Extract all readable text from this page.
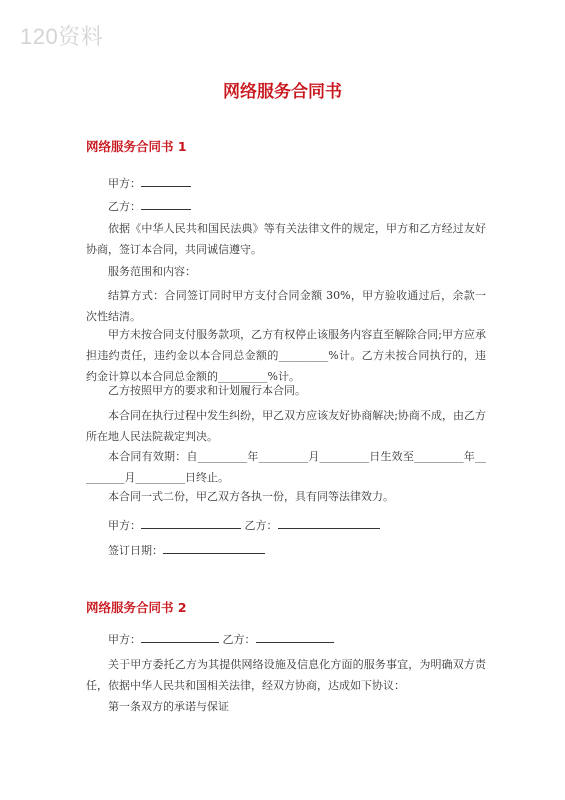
120资料
网络服务合同书
网络服务合同书 1
甲方：
乙方：
依据《中华人民共和国民法典》等有关法律文件的规定，甲方和乙方经过友好协商，签订本合同，共同诚信遵守。
服务范围和内容：
结算方式：合同签订同时甲方支付合同金额 30%，甲方验收通过后，余款一次性结清。
甲方未按合同支付服务款项，乙方有权停止该服务内容直至解除合同;甲方应承担违约责任，违约金以本合同总金额的_________%计。乙方未按合同执行的，违约金计算以本合同总金额的_________%计。
乙方按照甲方的要求和计划履行本合同。
本合同在执行过程中发生纠纷，甲乙双方应该友好协商解决;协商不成，由乙方所在地人民法院裁定判决。
本合同有效期：自_________年_________月_________日生效至_________年_________月_________日终止。
本合同一式二份，甲乙双方各执一份，具有同等法律效力。
甲方：	乙方：
签订日期：
网络服务合同书 2
甲方：	乙方：
关于甲方委托乙方为其提供网络设施及信息化方面的服务事宜，为明确双方责任，依据中华人民共和国相关法律，经双方协商，达成如下协议：
第一条双方的承诺与保证
